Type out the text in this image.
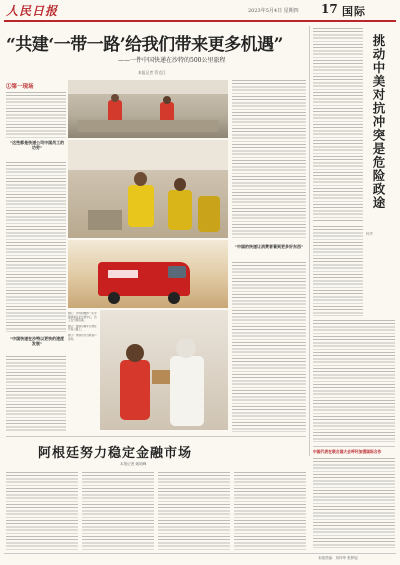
人民日报	2023年5月4日 星期四 17 国际
“共建‘一带一路’给我们带来更多机遇”
——一件中国快递在沙特的500公里旅程
本报记者 管克江
①第一现场
“这些都是快递公司中国员工的功劳”
“中国快递在沙特以更快的速度发展”
图①：沙特利雅得一家中国快递企业分拨中心，员工在分拣包裹。
图②：快递运输车行驶在沙漠公路上。
图③：快递员为当地客户送件。
“中国的快递让消费者看到更多好东西”
挑动中美对抗冲突是危险政途
钟声
中国代表在联合国大会呼吁加强国际合作
阿根廷努力稳定金融市场
本报记者 姚明峰
本版责编：刘仲华 张梦旭
